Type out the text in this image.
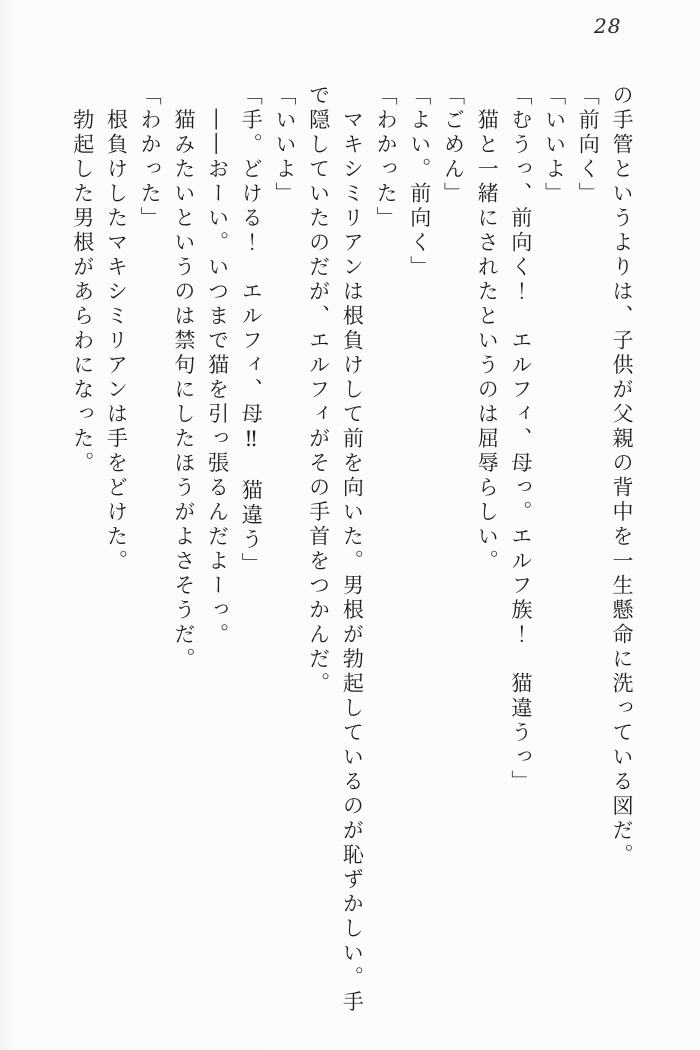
28

の手管というよりは、子供が父親の背中を一生懸命に洗っている図だ。

「前向く」

「いいよ」

「むうっ、前向く！　エルフィ、母っ。エルフ族！　猫違うっ」

　猫と一緒にされたというのは屈辱らしい。

「ごめん」

「よい。前向く」

「わかった」

　マキシミリアンは根負けして前を向いた。男根が勃起しているのが恥ずかしい。手

で隠していたのだが、エルフィがその手首をつかんだ。

「いいよ」

「手。どける！　エルフィ、母‼　猫違う」

　――おーい。いつまで猫を引っ張るんだよーっ。

　猫みたいというのは禁句にしたほうがよさそうだ。

「わかった」

　根負けしたマキシミリアンは手をどけた。

　勃起した男根があらわになった。
